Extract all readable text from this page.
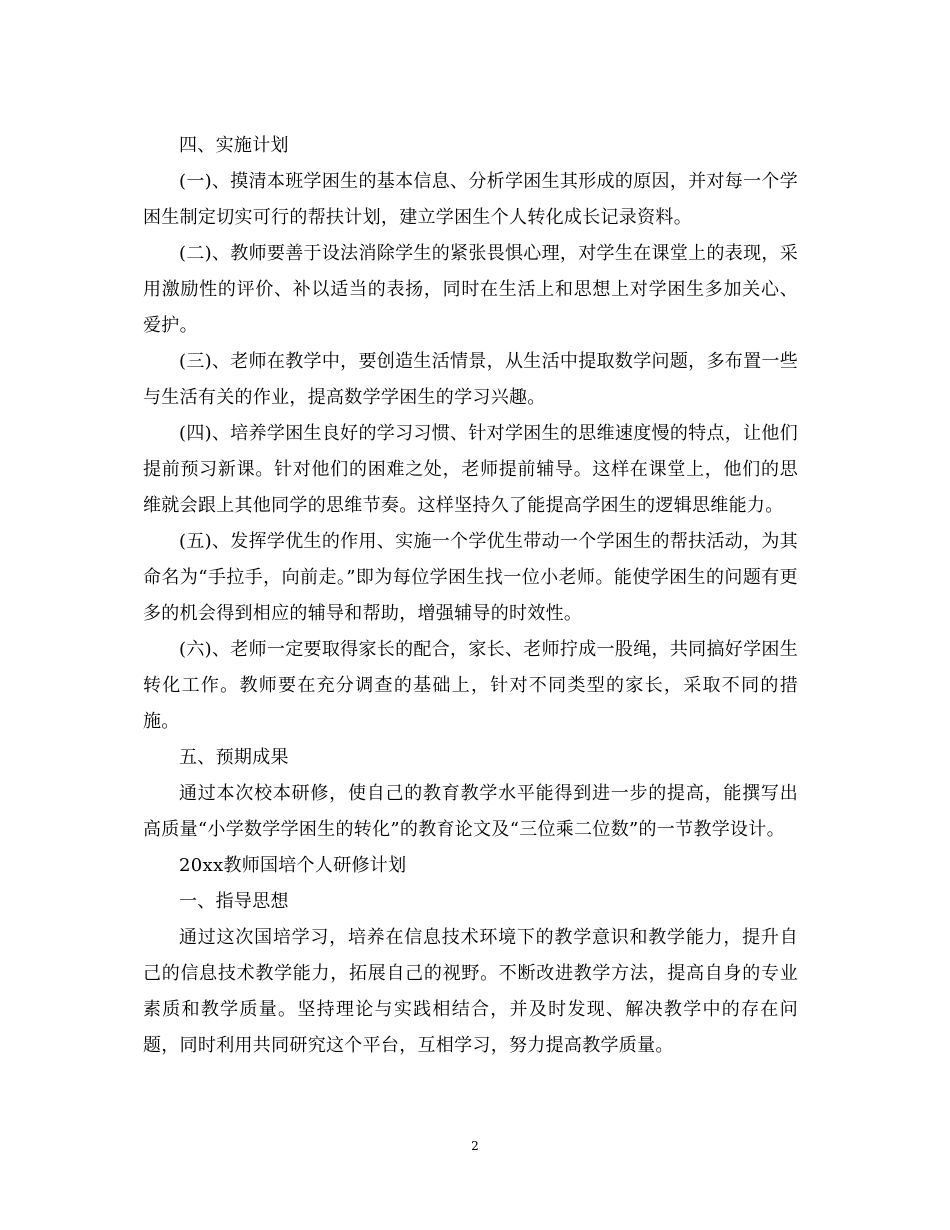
四、实施计划

(一)、摸清本班学困生的基本信息、分析学困生其形成的原因，并对每一个学困生制定切实可行的帮扶计划，建立学困生个人转化成长记录资料。

(二)、教师要善于设法消除学生的紧张畏惧心理，对学生在课堂上的表现，采用激励性的评价、补以适当的表扬，同时在生活上和思想上对学困生多加关心、爱护。

(三)、老师在教学中，要创造生活情景，从生活中提取数学问题，多布置一些与生活有关的作业，提高数学学困生的学习兴趣。

(四)、培养学困生良好的学习习惯、针对学困生的思维速度慢的特点，让他们提前预习新课。针对他们的困难之处，老师提前辅导。这样在课堂上，他们的思维就会跟上其他同学的思维节奏。这样坚持久了能提高学困生的逻辑思维能力。

(五)、发挥学优生的作用、实施一个学优生带动一个学困生的帮扶活动，为其命名为“手拉手，向前走。”即为每位学困生找一位小老师。能使学困生的问题有更多的机会得到相应的辅导和帮助，增强辅导的时效性。

(六)、老师一定要取得家长的配合，家长、老师拧成一股绳，共同搞好学困生转化工作。教师要在充分调查的基础上，针对不同类型的家长，采取不同的措施。

五、预期成果

通过本次校本研修，使自己的教育教学水平能得到进一步的提高，能撰写出高质量“小学数学学困生的转化”的教育论文及“三位乘二位数”的一节教学设计。

20xx教师国培个人研修计划

一、指导思想

通过这次国培学习，培养在信息技术环境下的教学意识和教学能力，提升自己的信息技术教学能力，拓展自己的视野。不断改进教学方法，提高自身的专业素质和教学质量。坚持理论与实践相结合，并及时发现、解决教学中的存在问题，同时利用共同研究这个平台，互相学习，努力提高教学质量。

2
